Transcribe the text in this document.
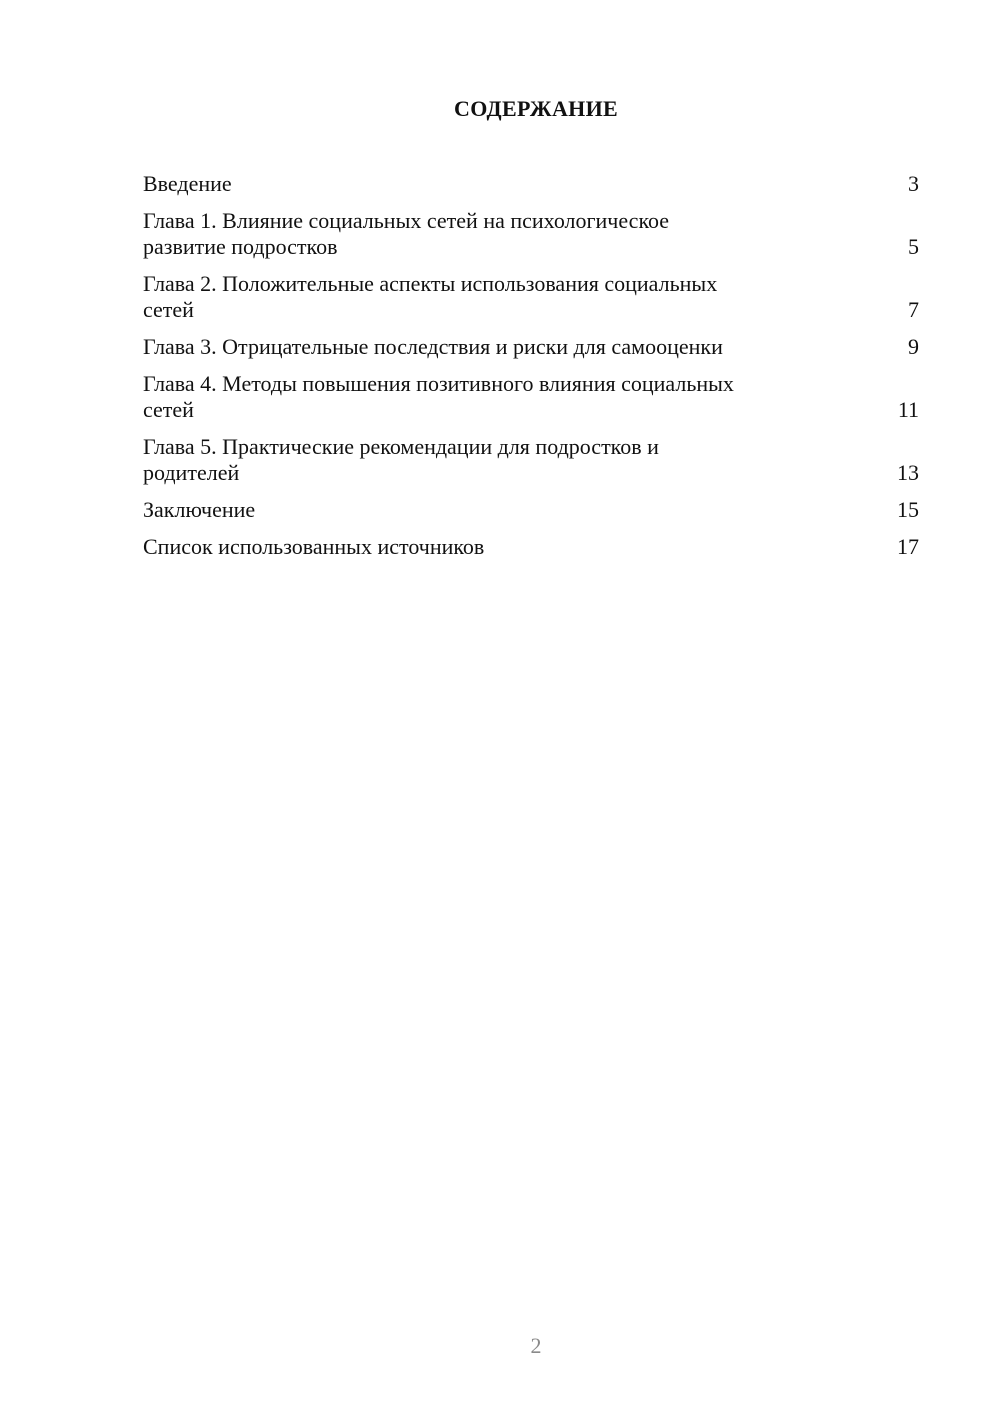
СОДЕРЖАНИЕ
Введение	3
Глава 1. Влияние социальных сетей на психологическое
развитие подростков	5
Глава 2. Положительные аспекты использования социальных
сетей	7
Глава 3. Отрицательные последствия и риски для самооценки	9
Глава 4. Методы повышения позитивного влияния социальных
сетей	11
Глава 5. Практические рекомендации для подростков и
родителей	13
Заключение	15
Список использованных источников	17
2
